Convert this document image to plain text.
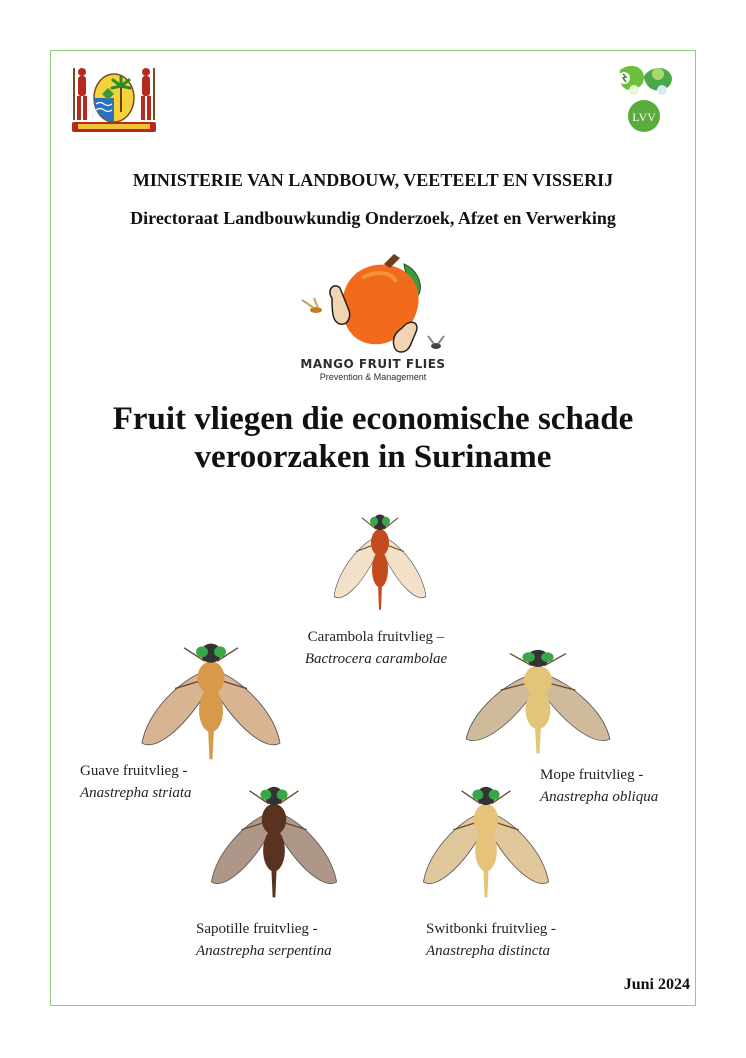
LVV
MINISTERIE VAN LANDBOUW, VEETEELT EN VISSERIJ
Directoraat Landbouwkundig Onderzoek, Afzet en Verwerking
MANGO FRUIT FLIES
Prevention & Management
Fruit vliegen die economische schade
veroorzaken in Suriname
Carambola fruitvlieg –
Bactrocera carambolae
Guave fruitvlieg -
Anastrepha striata
Mope fruitvlieg -
Anastrepha obliqua
Sapotille fruitvlieg -
Anastrepha serpentina
Switbonki fruitvlieg -
Anastrepha distincta
Juni 2024
